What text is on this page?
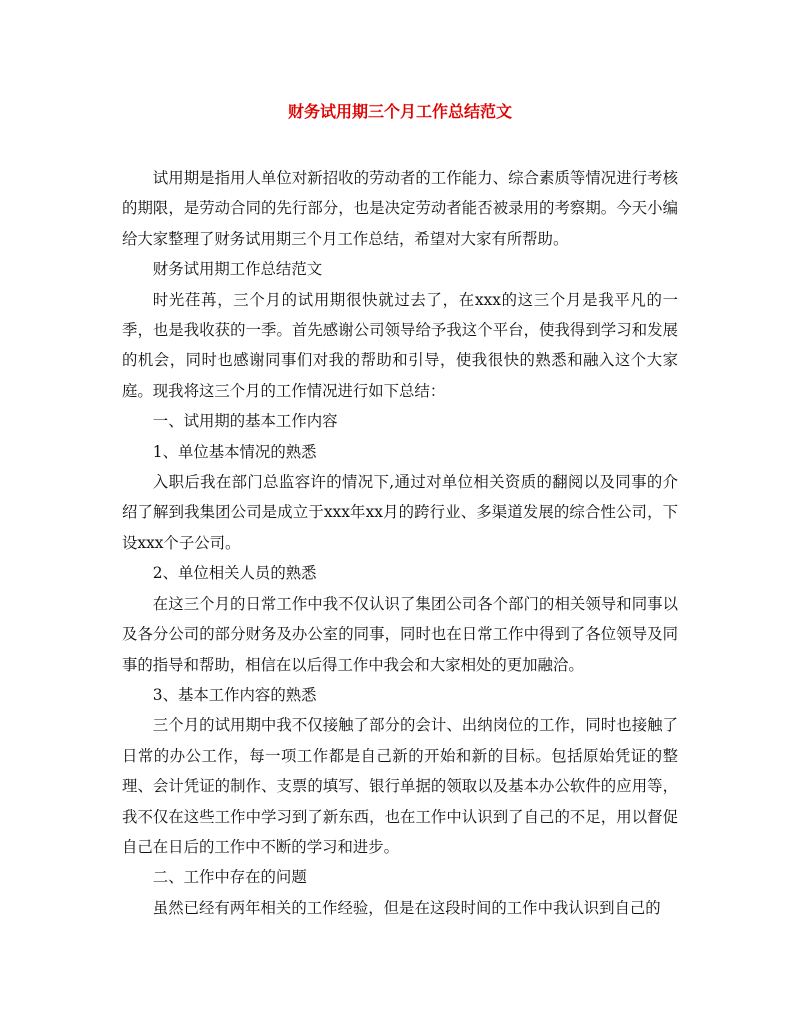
财务试用期三个月工作总结范文

试用期是指用人单位对新招收的劳动者的工作能力、综合素质等情况进行考核的期限，是劳动合同的先行部分，也是决定劳动者能否被录用的考察期。今天小编给大家整理了财务试用期三个月工作总结，希望对大家有所帮助。

财务试用期工作总结范文

时光荏苒，三个月的试用期很快就过去了，在xxx的这三个月是我平凡的一季，也是我收获的一季。首先感谢公司领导给予我这个平台，使我得到学习和发展的机会，同时也感谢同事们对我的帮助和引导，使我很快的熟悉和融入这个大家庭。现我将这三个月的工作情况进行如下总结：

一、试用期的基本工作内容

1、单位基本情况的熟悉

入职后我在部门总监容许的情况下,通过对单位相关资质的翻阅以及同事的介绍了解到我集团公司是成立于xxx年xx月的跨行业、多渠道发展的综合性公司，下设xxx个子公司。

2、单位相关人员的熟悉

在这三个月的日常工作中我不仅认识了集团公司各个部门的相关领导和同事以及各分公司的部分财务及办公室的同事，同时也在日常工作中得到了各位领导及同事的指导和帮助，相信在以后得工作中我会和大家相处的更加融洽。

3、基本工作内容的熟悉

三个月的试用期中我不仅接触了部分的会计、出纳岗位的工作，同时也接触了日常的办公工作，每一项工作都是自己新的开始和新的目标。包括原始凭证的整理、会计凭证的制作、支票的填写、银行单据的领取以及基本办公软件的应用等，我不仅在这些工作中学习到了新东西，也在工作中认识到了自己的不足，用以督促自己在日后的工作中不断的学习和进步。

二、工作中存在的问题

虽然已经有两年相关的工作经验，但是在这段时间的工作中我认识到自己的
